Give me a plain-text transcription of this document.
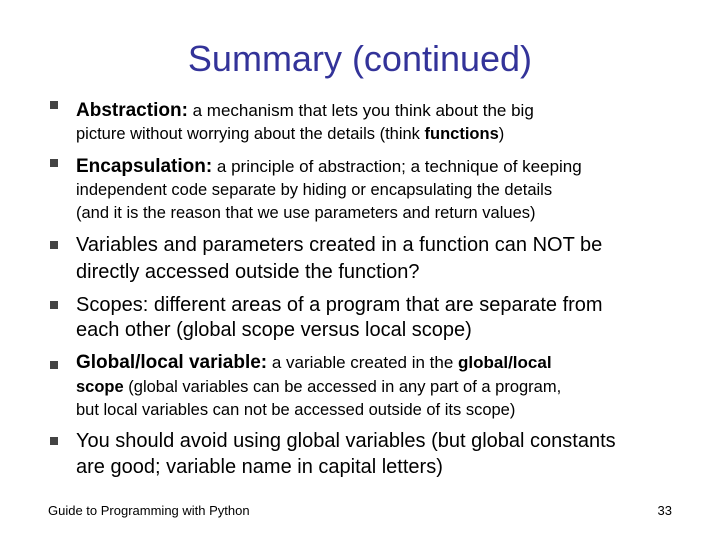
Summary (continued)
Abstraction: a mechanism that lets you think about the big
picture without worrying about the details (think functions)
Encapsulation: a principle of abstraction; a technique of keeping
independent code separate by hiding or encapsulating the details
(and it is the reason that we use parameters and return values)
Variables and parameters created in a function can NOT be
directly accessed outside the function?
Scopes: different areas of a program that are separate from
each other (global scope versus local scope)
Global/local variable: a variable created in the global/local
scope (global variables can be accessed in any part of a program,
but local variables can not be accessed outside of its scope)
You should avoid using global variables (but global constants
are good; variable name in capital letters)
Guide to Programming with Python	33
